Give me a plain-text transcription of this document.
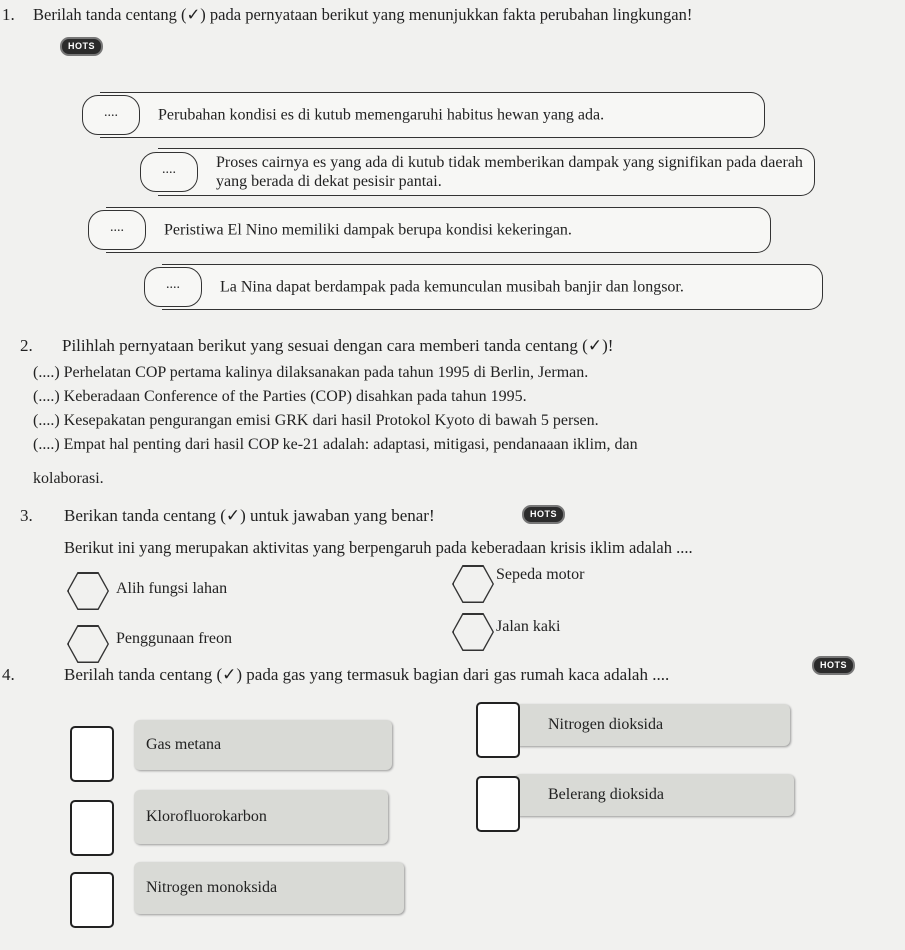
1. Berilah tanda centang (✓) pada pernyataan berikut yang menunjukkan fakta perubahan lingkungan!
HOTS
....	Perubahan kondisi es di kutub memengaruhi habitus hewan yang ada.
....	Proses cairnya es yang ada di kutub tidak memberikan dampak yang signifikan pada daerah yang berada di dekat pesisir pantai.
....	Peristiwa El Nino memiliki dampak berupa kondisi kekeringan.
....	La Nina dapat berdampak pada kemunculan musibah banjir dan longsor.
2. Pilihlah pernyataan berikut yang sesuai dengan cara memberi tanda centang (✓)!
(....) Perhelatan COP pertama kalinya dilaksanakan pada tahun 1995 di Berlin, Jerman.
(....) Keberadaan Conference of the Parties (COP) disahkan pada tahun 1995.
(....) Kesepakatan pengurangan emisi GRK dari hasil Protokol Kyoto di bawah 5 persen.
(....) Empat hal penting dari hasil COP ke-21 adalah: adaptasi, mitigasi, pendanaaan iklim, dan
kolaborasi.
3. Berikan tanda centang (✓) untuk jawaban yang benar!	HOTS
Berikut ini yang merupakan aktivitas yang berpengaruh pada keberadaan krisis iklim adalah ....
Alih fungsi lahan
Sepeda motor
Penggunaan freon
Jalan kaki
4.	Berilah tanda centang (✓) pada gas yang termasuk bagian dari gas rumah kaca adalah ....	HOTS
Gas metana
Nitrogen dioksida
Klorofluorokarbon
Belerang dioksida
Nitrogen monoksida
